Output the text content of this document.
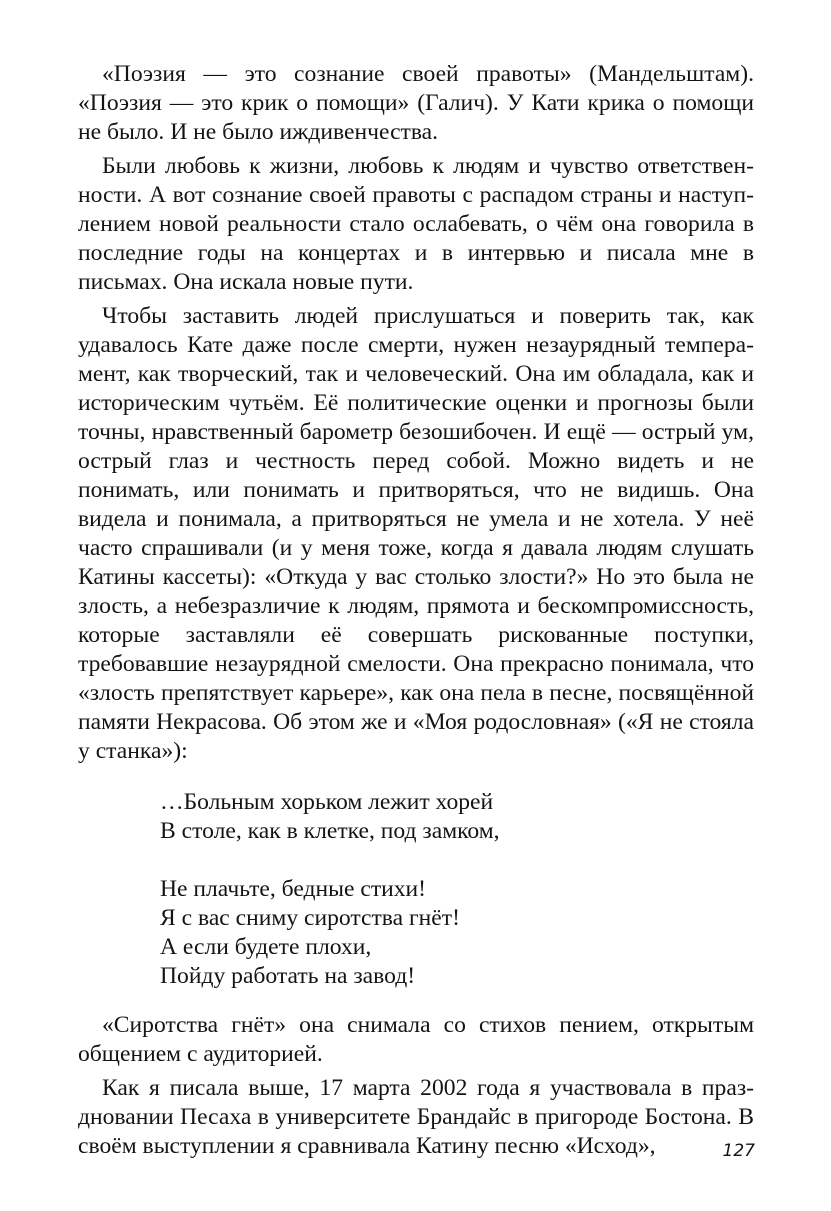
«Поэзия — это сознание своей правоты» (Мандельштам). «Поэзия — это крик о помощи» (Галич). У Кати крика о помощи не было. И не было иждивенчества.

Были любовь к жизни, любовь к людям и чувство ответственности. А вот сознание своей правоты с распадом страны и наступлением новой реальности стало ослабевать, о чём она говорила в последние годы на концертах и в интервью и писала мне в письмах. Она искала новые пути.

Чтобы заставить людей прислушаться и поверить так, как удавалось Кате даже после смерти, нужен незаурядный темперамент, как творческий, так и человеческий. Она им обладала, как и историческим чутьём. Её политические оценки и прогнозы были точны, нравственный барометр безошибочен. И ещё — острый ум, острый глаз и честность перед собой. Можно видеть и не понимать, или понимать и притворяться, что не видишь. Она видела и понимала, а притворяться не умела и не хотела. У неё часто спрашивали (и у меня тоже, когда я давала людям слушать Катины кассеты): «Откуда у вас столько злости?» Но это была не злость, а небезразличие к людям, прямота и бескомпромиссность, которые заставляли её совершать рискованные поступки, требовавшие незаурядной смелости. Она прекрасно понимала, что «злость препятствует карьере», как она пела в песне, посвящённой памяти Некрасова. Об этом же и «Моя родословная» («Я не стояла у станка»):

…Больным хорьком лежит хорей
В столе, как в клетке, под замком,
Не плачьте, бедные стихи!
Я с вас сниму сиротства гнёт!
А если будете плохи,
Пойду работать на завод!

«Сиротства гнёт» она снимала со стихов пением, открытым общением с аудиторией.

Как я писала выше, 17 марта 2002 года я участвовала в праздновании Песаха в университете Брандайс в пригороде Бостона. В своём выступлении я сравнивала Катину песню «Исход»,	127
